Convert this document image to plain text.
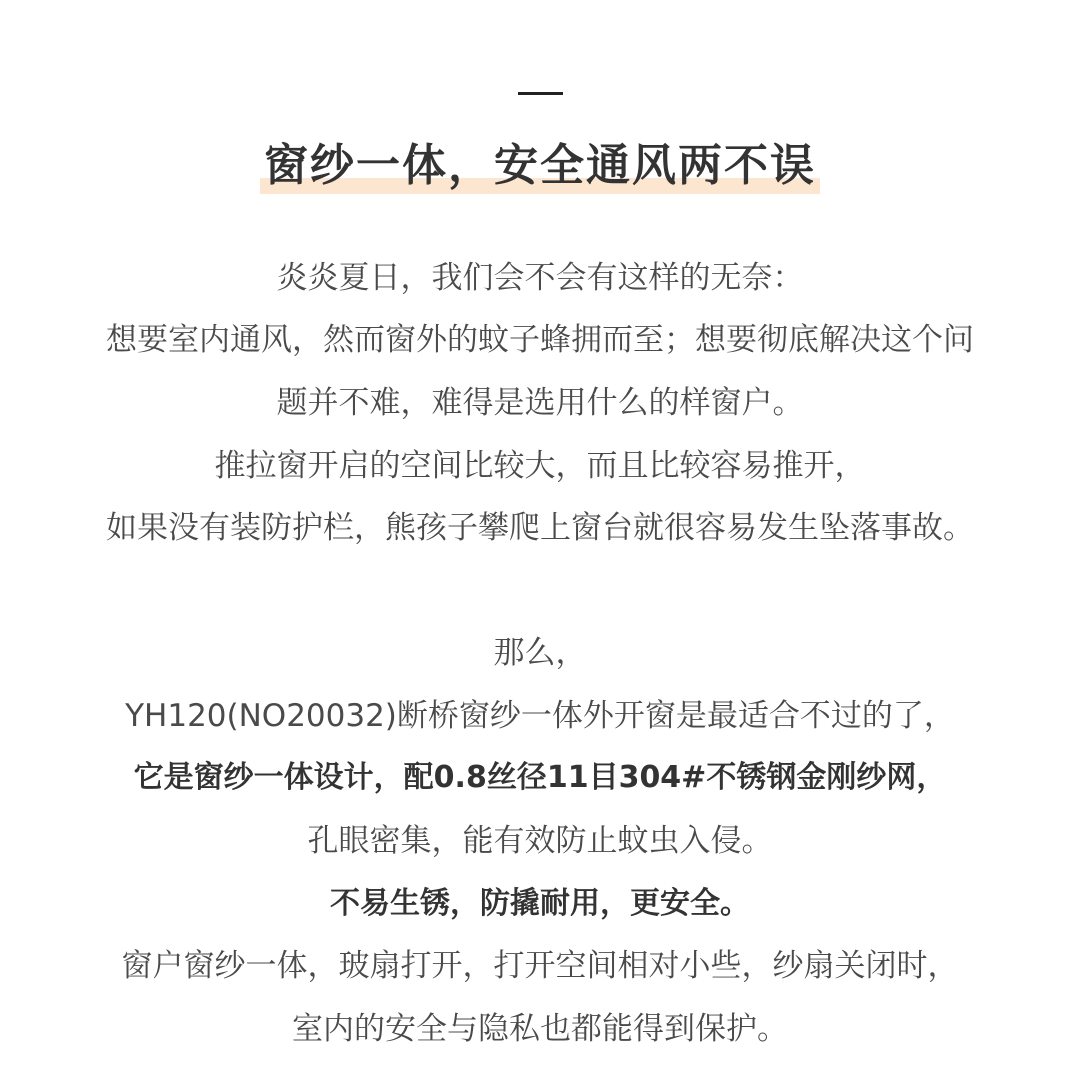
窗纱一体，安全通风两不误
炎炎夏日，我们会不会有这样的无奈：
想要室内通风，然而窗外的蚊子蜂拥而至；想要彻底解决这个问
题并不难，难得是选用什么的样窗户。
推拉窗开启的空间比较大，而且比较容易推开，
如果没有装防护栏，熊孩子攀爬上窗台就很容易发生坠落事故。
那么，
YH120(NO20032)断桥窗纱一体外开窗是最适合不过的了，
它是窗纱一体设计，配0.8丝径11目304#不锈钢金刚纱网，
孔眼密集，能有效防止蚊虫入侵。
不易生锈，防撬耐用，更安全。
窗户窗纱一体，玻扇打开，打开空间相对小些，纱扇关闭时，
室内的安全与隐私也都能得到保护。
